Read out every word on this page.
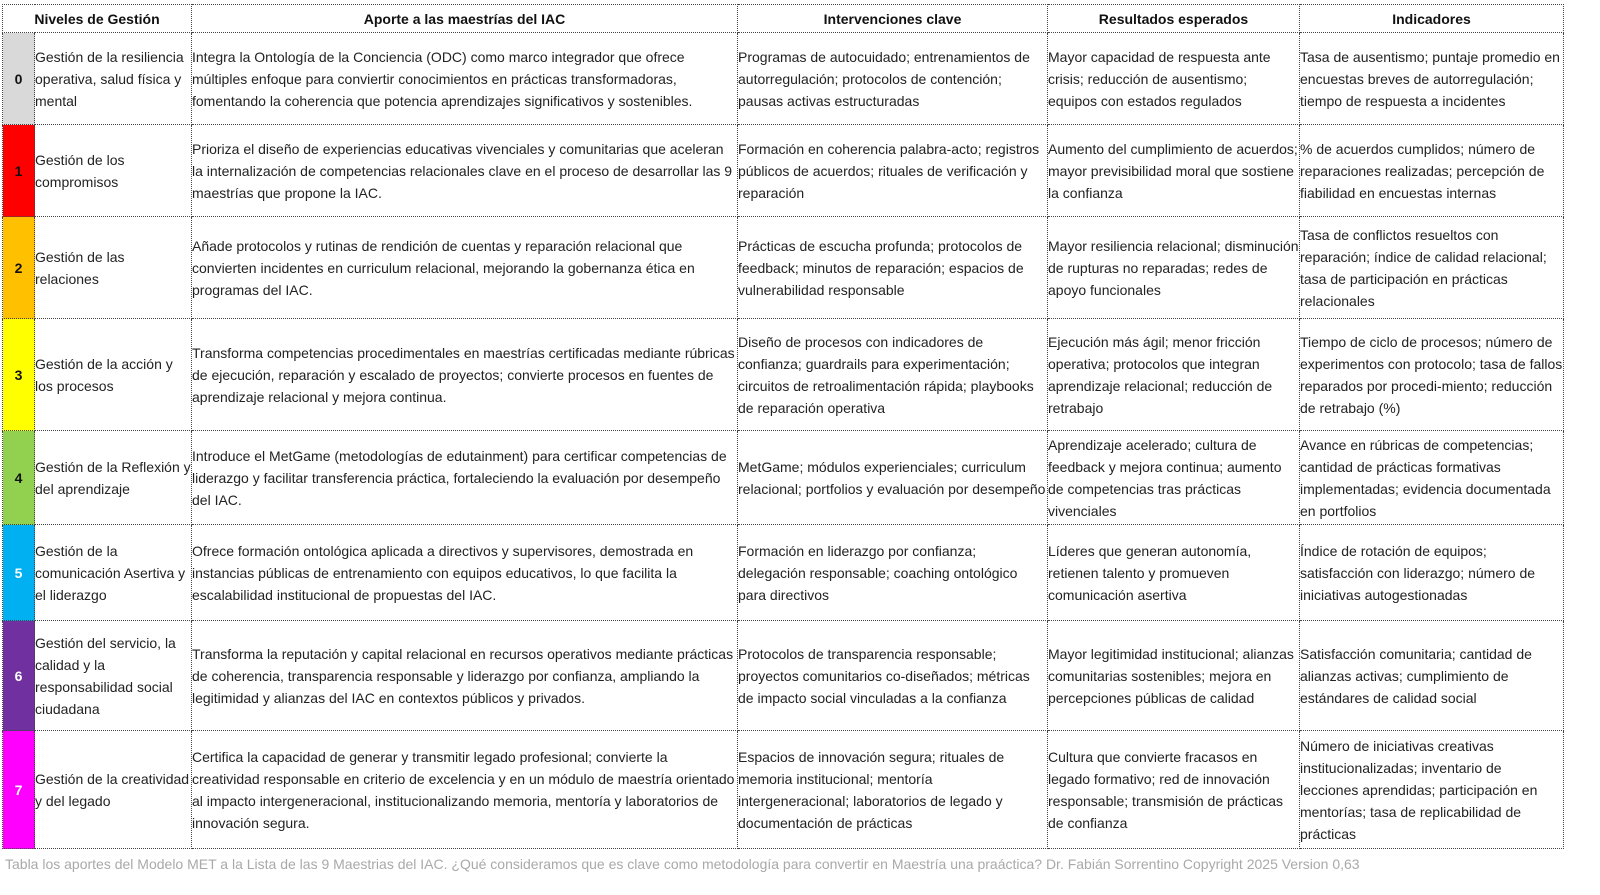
Niveles de Gestión		Aporte a las maestrías del IAC	Intervenciones clave	Resultados esperados	Indicadores
0	Gestión de la resiliencia operativa, salud física y mental	Integra la Ontología de la Conciencia (ODC) como marco integrador que ofrece múltiples enfoque para conviertir conocimientos en prácticas transformadoras, fomentando la coherencia que potencia aprendizajes significativos y sostenibles.	Programas de autocuidado; entrenamientos de autorregulación; protocolos de contención; pausas activas estructuradas	Mayor capacidad de respuesta ante crisis; reducción de ausentismo; equipos con estados regulados	Tasa de ausentismo; puntaje promedio en encuestas breves de autorregulación; tiempo de respuesta a incidentes
1	Gestión de los compromisos	Prioriza el diseño de experiencias educativas vivenciales y comunitarias que aceleran la internalización de competencias relacionales clave en el proceso de desarrollar las 9 maestrías que propone la IAC.	Formación en coherencia palabra-acto; registros públicos de acuerdos; rituales de verificación y reparación	Aumento del cumplimiento de acuerdos; mayor previsibilidad moral que sostiene la confianza	% de acuerdos cumplidos; número de reparaciones realizadas; percepción de fiabilidad en encuestas internas
2	Gestión de las relaciones	Añade protocolos y rutinas de rendición de cuentas y reparación relacional que convierten incidentes en curriculum relacional, mejorando la gobernanza ética en programas del IAC.	Prácticas de escucha profunda; protocolos de feedback; minutos de reparación; espacios de vulnerabilidad responsable	Mayor resiliencia relacional; disminución de rupturas no reparadas; redes de apoyo funcionales	Tasa de conflictos resueltos con reparación; índice de calidad relacional; tasa de participación en prácticas relacionales
3	Gestión de la acción y los procesos	Transforma competencias procedimentales en maestrías certificadas mediante rúbricas de ejecución, reparación y escalado de proyectos; convierte procesos en fuentes de aprendizaje relacional y mejora continua.	Diseño de procesos con indicadores de confianza; guardrails para experimentación; circuitos de retroalimentación rápida; playbooks de reparación operativa	Ejecución más ágil; menor fricción operativa; protocolos que integran aprendizaje relacional; reducción de retrabajo	Tiempo de ciclo de procesos; número de experimentos con protocolo; tasa de fallos reparados por procedi-miento; reducción de retrabajo (%)
4	Gestión de la Reflexión y del aprendizaje	Introduce el MetGame (metodologías de edutainment) para certificar competencias de liderazgo y facilitar transferencia práctica, fortaleciendo la evaluación por desempeño del IAC.	MetGame; módulos experienciales; curriculum relacional; portfolios y evaluación por desempeño	Aprendizaje acelerado; cultura de feedback y mejora continua; aumento de competencias tras prácticas vivenciales	Avance en rúbricas de competencias; cantidad de prácticas formativas implementadas; evidencia documentada en portfolios
5	Gestión de la comunicación Asertiva y el liderazgo	Ofrece formación ontológica aplicada a directivos y supervisores, demostrada en instancias públicas de entrenamiento con equipos educativos, lo que facilita la escalabilidad institucional de propuestas del IAC.	Formación en liderazgo por confianza; delegación responsable; coaching ontológico para directivos	Líderes que generan autonomía, retienen talento y promueven comunicación asertiva	Índice de rotación de equipos; satisfacción con liderazgo; número de iniciativas autogestionadas
6	Gestión del servicio, la calidad y la responsabilidad social ciudadana	Transforma la reputación y capital relacional en recursos operativos mediante prácticas de coherencia, transparencia responsable y liderazgo por confianza, ampliando la legitimidad y alianzas del IAC en contextos públicos y privados.	Protocolos de transparencia responsable; proyectos comunitarios co-diseñados; métricas de impacto social vinculadas a la confianza	Mayor legitimidad institucional; alianzas comunitarias sostenibles; mejora en percepciones públicas de calidad	Satisfacción comunitaria; cantidad de alianzas activas; cumplimiento de estándares de calidad social
7	Gestión de la creatividad y del legado	Certifica la capacidad de generar y transmitir legado profesional; convierte la creatividad responsable en criterio de excelencia y en un módulo de maestría orientado al impacto intergeneracional, institucionalizando memoria, mentoría y laboratorios de innovación segura.	Espacios de innovación segura; rituales de memoria institucional; mentoría intergeneracional; laboratorios de legado y documentación de prácticas	Cultura que convierte fracasos en legado formativo; red de innovación responsable; transmisión de prácticas de confianza	Número de iniciativas creativas institucionalizadas; inventario de lecciones aprendidas; participación en mentorías; tasa de replicabilidad de prácticas
Tabla los aportes del Modelo MET a la Lista de las 9 Maestrias del IAC. ¿Qué consideramos que es clave como metodología para convertir en Maestría una praáctica? Dr. Fabián Sorrentino Copyright 2025 Version 0,63
